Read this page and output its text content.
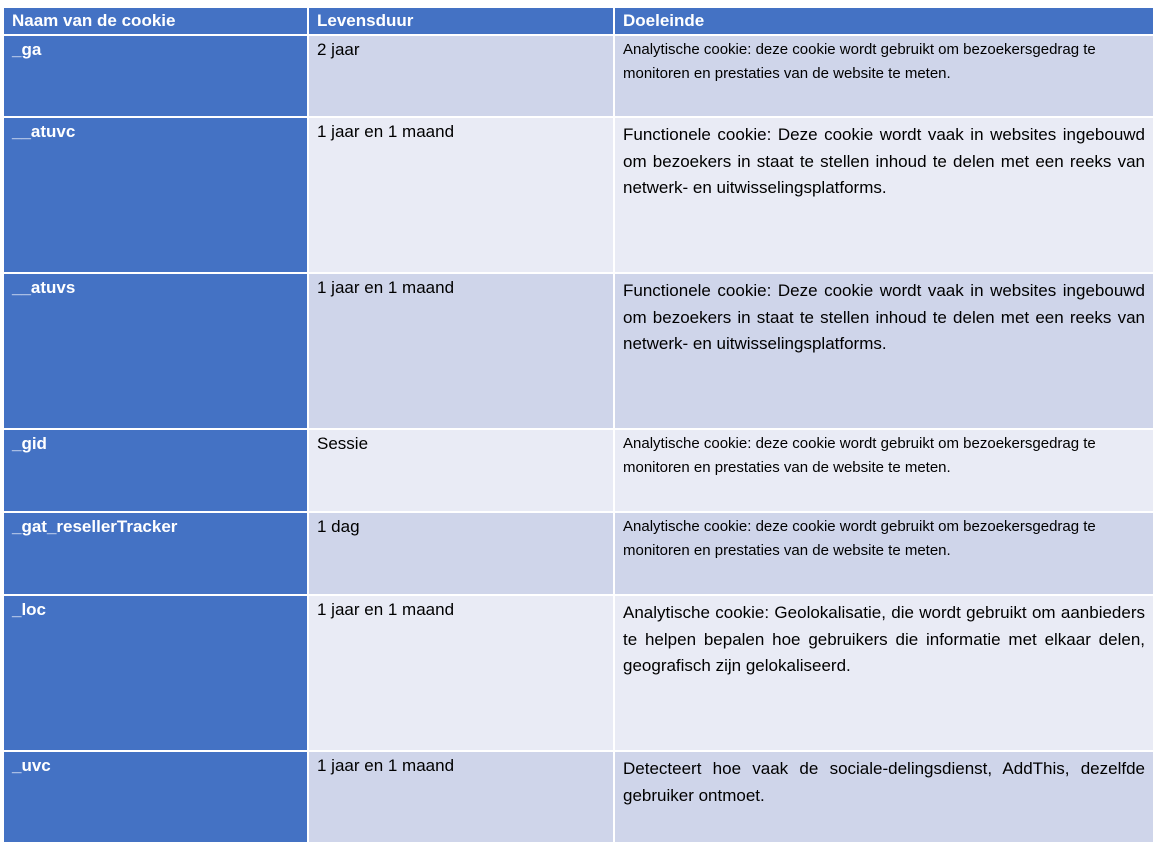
Naam van de cookie	Levensduur	Doeleinde
_ga	2 jaar	Analytische cookie: deze cookie wordt gebruikt om bezoekersgedrag te monitoren en prestaties van de website te meten.
__atuvc	1 jaar en 1 maand	Functionele cookie: Deze cookie wordt vaak in websites ingebouwd om bezoekers in staat te stellen inhoud te delen met een reeks van netwerk- en uitwisselingsplatforms.
__atuvs	1 jaar en 1 maand	Functionele cookie: Deze cookie wordt vaak in websites ingebouwd om bezoekers in staat te stellen inhoud te delen met een reeks van netwerk- en uitwisselingsplatforms.
_gid	Sessie	Analytische cookie: deze cookie wordt gebruikt om bezoekersgedrag te monitoren en prestaties van de website te meten.
_gat_resellerTracker	1 dag	Analytische cookie: deze cookie wordt gebruikt om bezoekersgedrag te monitoren en prestaties van de website te meten.
_loc	1 jaar en 1 maand	Analytische cookie: Geolokalisatie, die wordt gebruikt om aanbieders te helpen bepalen hoe gebruikers die informatie met elkaar delen, geografisch zijn gelokaliseerd.
_uvc	1 jaar en 1 maand	Detecteert hoe vaak de sociale-delingsdienst, AddThis, dezelfde gebruiker ontmoet.
